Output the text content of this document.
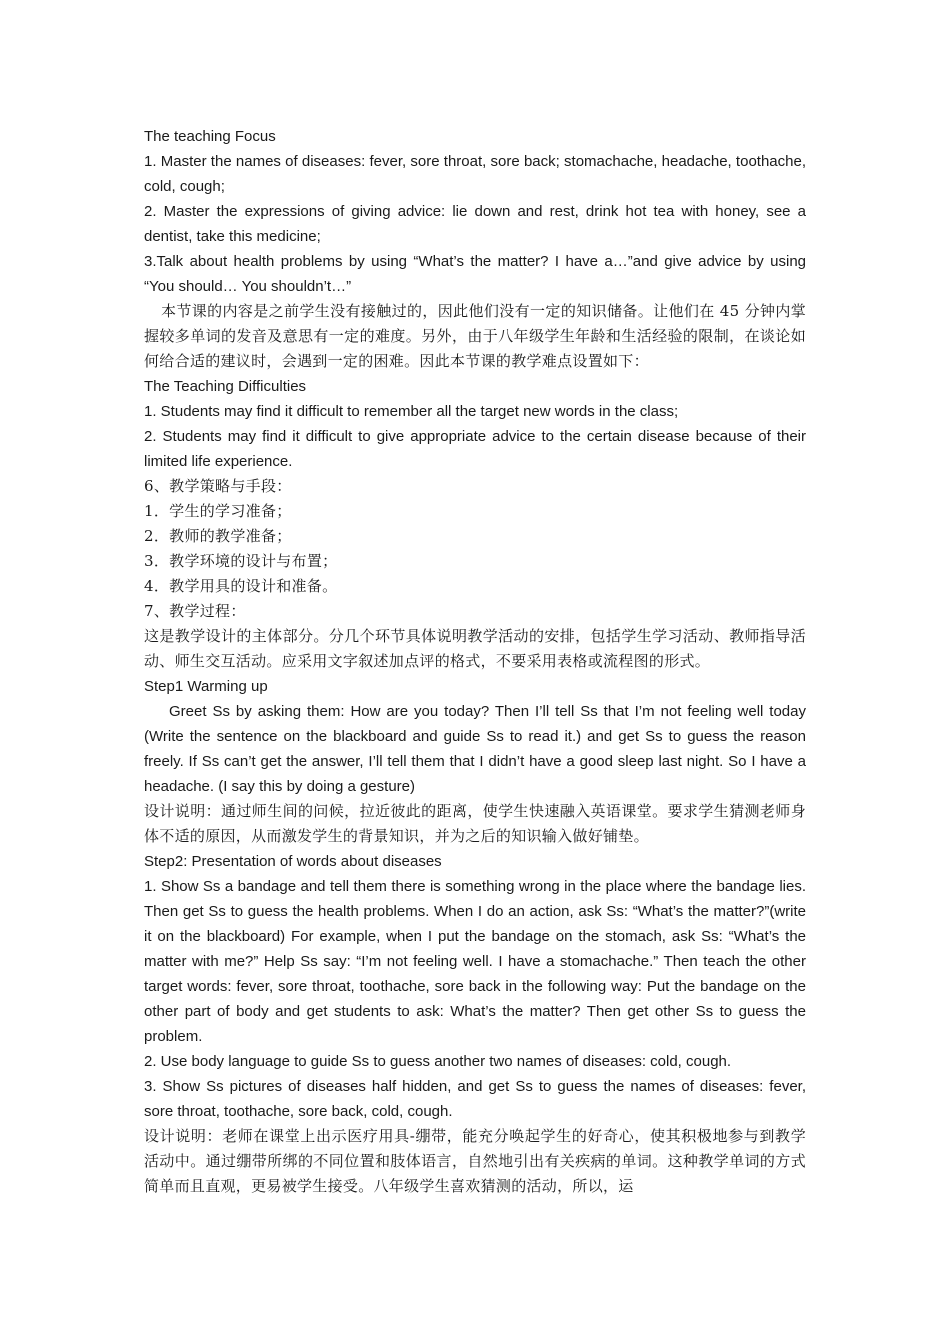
The teaching Focus

1. Master the names of diseases: fever, sore throat, sore back; stomachache, headache, toothache, cold, cough;

2. Master the expressions of giving advice: lie down and rest, drink hot tea with honey, see a dentist, take this medicine;

3.Talk about health problems by using “What’s the matter? I have a…”and give advice by using “You should… You shouldn’t…”

本节课的内容是之前学生没有接触过的，因此他们没有一定的知识储备。让他们在 45 分钟内掌握较多单词的发音及意思有一定的难度。另外，由于八年级学生年龄和生活经验的限制，在谈论如何给合适的建议时，会遇到一定的困难。因此本节课的教学难点设置如下：

The Teaching Difficulties

1. Students may find it difficult to remember all the target new words in the class;

2. Students may find it difficult to give appropriate advice to the certain disease because of their limited life experience.

6、教学策略与手段：

1．学生的学习准备；

2．教师的教学准备；

3．教学环境的设计与布置；

4．教学用具的设计和准备。

7、教学过程：

这是教学设计的主体部分。分几个环节具体说明教学活动的安排，包括学生学习活动、教师指导活动、师生交互活动。应采用文字叙述加点评的格式，不要采用表格或流程图的形式。

Step1 Warming up

Greet Ss by asking them: How are you today? Then I’ll tell Ss that I’m not feeling well today (Write the sentence on the blackboard and guide Ss to read it.) and get Ss to guess the reason freely. If Ss can’t get the answer, I’ll tell them that I didn’t have a good sleep last night. So I have a headache. (I say this by doing a gesture)

设计说明：通过师生间的问候，拉近彼此的距离，使学生快速融入英语课堂。要求学生猜测老师身体不适的原因，从而激发学生的背景知识，并为之后的知识输入做好铺垫。

Step2: Presentation of words about diseases

1. Show Ss a bandage and tell them there is something wrong in the place where the bandage lies. Then get Ss to guess the health problems. When I do an action, ask Ss: “What’s the matter?”(write it on the blackboard) For example, when I put the bandage on the stomach, ask Ss: “What’s the matter with me?” Help Ss say: “I’m not feeling well. I have a stomachache.” Then teach the other target words: fever, sore throat, toothache, sore back in the following way: Put the bandage on the other part of body and get students to ask: What’s the matter? Then get other Ss to guess the problem.

2. Use body language to guide Ss to guess another two names of diseases: cold, cough.

3. Show Ss pictures of diseases half hidden, and get Ss to guess the names of diseases: fever, sore throat, toothache, sore back, cold, cough.

设计说明：老师在课堂上出示医疗用具-绷带，能充分唤起学生的好奇心，使其积极地参与到教学活动中。通过绷带所绑的不同位置和肢体语言，自然地引出有关疾病的单词。这种教学单词的方式简单而且直观，更易被学生接受。八年级学生喜欢猜测的活动，所以，运
